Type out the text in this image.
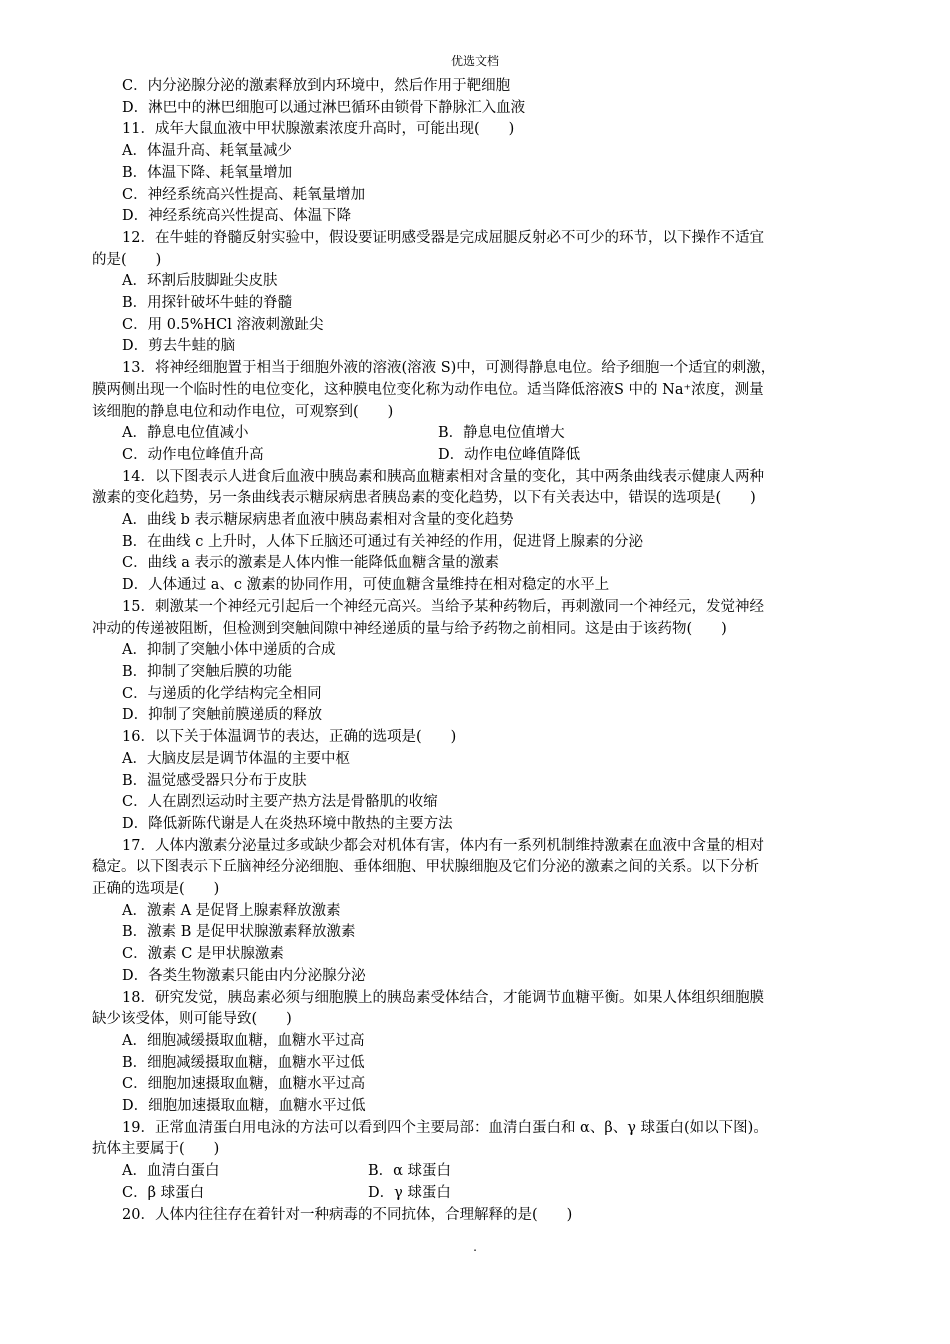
优选文档
C．内分泌腺分泌的激素释放到内环境中，然后作用于靶细胞
D．淋巴中的淋巴细胞可以通过淋巴循环由锁骨下静脉汇入血液
11．成年大鼠血液中甲状腺激素浓度升高时，可能出现(　　)
A．体温升高、耗氧量减少
B．体温下降、耗氧量增加
C．神经系统高兴性提高、耗氧量增加
D．神经系统高兴性提高、体温下降
12．在牛蛙的脊髓反射实验中，假设要证明感受器是完成屈腿反射必不可少的环节，以下操作不适宜
的是(　　)
A．环割后肢脚趾尖皮肤
B．用探针破坏牛蛙的脊髓
C．用 0.5%HCl 溶液刺激趾尖
D．剪去牛蛙的脑
13．将神经细胞置于相当于细胞外液的溶液(溶液 S)中，可测得静息电位。给予细胞一个适宜的刺激，
膜两侧出现一个临时性的电位变化，这种膜电位变化称为动作电位。适当降低溶液S 中的 Na⁺浓度，测量
该细胞的静息电位和动作电位，可观察到(　　)
A．静息电位值减小	B．静息电位值增大
C．动作电位峰值升高	D．动作电位峰值降低
14．以下图表示人进食后血液中胰岛素和胰高血糖素相对含量的变化，其中两条曲线表示健康人两种
激素的变化趋势，另一条曲线表示糖尿病患者胰岛素的变化趋势，以下有关表达中，错误的选项是(　　)
A．曲线 b 表示糖尿病患者血液中胰岛素相对含量的变化趋势
B．在曲线 c 上升时，人体下丘脑还可通过有关神经的作用，促进肾上腺素的分泌
C．曲线 a 表示的激素是人体内惟一能降低血糖含量的激素
D．人体通过 a、c 激素的协同作用，可使血糖含量维持在相对稳定的水平上
15．刺激某一个神经元引起后一个神经元高兴。当给予某种药物后，再刺激同一个神经元，发觉神经
冲动的传递被阻断，但检测到突触间隙中神经递质的量与给予药物之前相同。这是由于该药物(　　)
A．抑制了突触小体中递质的合成
B．抑制了突触后膜的功能
C．与递质的化学结构完全相同
D．抑制了突触前膜递质的释放
16．以下关于体温调节的表达，正确的选项是(　　)
A．大脑皮层是调节体温的主要中枢
B．温觉感受器只分布于皮肤
C．人在剧烈运动时主要产热方法是骨骼肌的收缩
D．降低新陈代谢是人在炎热环境中散热的主要方法
17．人体内激素分泌量过多或缺少都会对机体有害，体内有一系列机制维持激素在血液中含量的相对
稳定。以下图表示下丘脑神经分泌细胞、垂体细胞、甲状腺细胞及它们分泌的激素之间的关系。以下分析
正确的选项是(　　)
A．激素 A 是促肾上腺素释放激素
B．激素 B 是促甲状腺激素释放激素
C．激素 C 是甲状腺激素
D．各类生物激素只能由内分泌腺分泌
18．研究发觉，胰岛素必须与细胞膜上的胰岛素受体结合，才能调节血糖平衡。如果人体组织细胞膜
缺少该受体，则可能导致(　　)
A．细胞减缓摄取血糖，血糖水平过高
B．细胞减缓摄取血糖，血糖水平过低
C．细胞加速摄取血糖，血糖水平过高
D．细胞加速摄取血糖，血糖水平过低
19．正常血清蛋白用电泳的方法可以看到四个主要局部：血清白蛋白和 α、β、γ 球蛋白(如以下图)。
抗体主要属于(　　)
A．血清白蛋白	B．α 球蛋白
C．β 球蛋白	D．γ 球蛋白
20．人体内往往存在着针对一种病毒的不同抗体，合理解释的是(　　)
.
